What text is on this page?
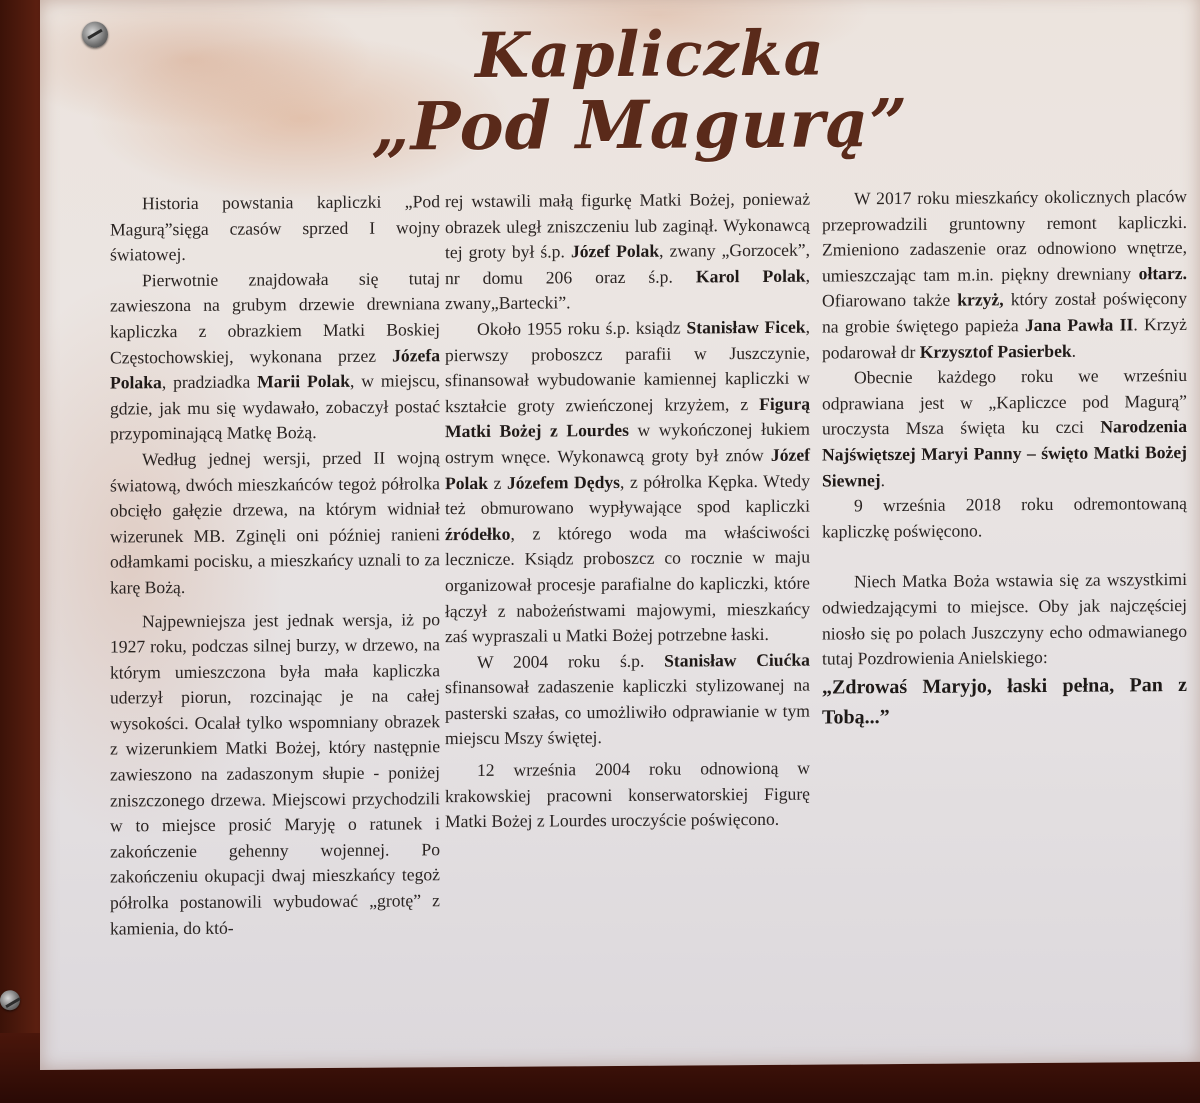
Kapliczka
„Pod Magurą”

Historia powstania kapliczki „Pod Magurą”sięga czasów sprzed I wojny światowej.

Pierwotnie znajdowała się tutaj zawieszona na grubym drzewie drewniana kapliczka z obrazkiem Matki Boskiej Częstochowskiej, wykonana przez Józefa Polaka, pradziadka Marii Polak, w miejscu, gdzie, jak mu się wydawało, zobaczył postać przypominającą Matkę Bożą.

Według jednej wersji, przed II wojną światową, dwóch mieszkańców tegoż półrolka obcięło gałęzie drzewa, na którym widniał wizerunek MB. Zginęli oni później ranieni odłamkami pocisku, a mieszkańcy uznali to za karę Bożą.

Najpewniejsza jest jednak wersja, iż po 1927 roku, podczas silnej burzy, w drzewo, na którym umieszczona była mała kapliczka uderzył piorun, rozcinając je na całej wysokości. Ocalał tylko wspomniany obrazek z wizerunkiem Matki Bożej, który następnie zawieszono na zadaszonym słupie - poniżej zniszczonego drzewa. Miejscowi przychodzili w to miejsce prosić Maryję o ratunek i zakończenie gehenny wojennej. Po zakończeniu okupacji dwaj mieszkańcy tegoż półrolka postanowili wybudować „grotę” z kamienia, do któ-

rej wstawili małą figurkę Matki Bożej, ponieważ obrazek uległ zniszczeniu lub zaginął. Wykonawcą tej groty był ś.p. Józef Polak, zwany „Gorzocek”, nr domu 206 oraz ś.p. Karol Polak, zwany„Bartecki”.

Około 1955 roku ś.p. ksiądz Stanisław Ficek, pierwszy proboszcz parafii w Juszczynie, sfinansował wybudowanie kamiennej kapliczki w kształcie groty zwieńczonej krzyżem, z Figurą Matki Bożej z Lourdes w wykończonej łukiem ostrym wnęce. Wykonawcą groty był znów Józef Polak z Józefem Dędys, z półrolka Kępka. Wtedy też obmurowano wypływające spod kapliczki źródełko, z którego woda ma właściwości lecznicze. Ksiądz proboszcz co rocznie w maju organizował procesje parafialne do kapliczki, które łączył z nabożeństwami majowymi, mieszkańcy zaś wypraszali u Matki Bożej potrzebne łaski.

W 2004 roku ś.p. Stanisław Ciućka sfinansował zadaszenie kapliczki stylizowanej na pasterski szałas, co umożliwiło odprawianie w tym miejscu Mszy świętej.

12 września 2004 roku odnowioną w krakowskiej pracowni konserwatorskiej Figurę Matki Bożej z Lourdes uroczyście poświęcono.

W 2017 roku mieszkańcy okolicznych placów przeprowadzili gruntowny remont kapliczki. Zmieniono zadaszenie oraz odnowiono wnętrze, umieszczając tam m.in. piękny drewniany ołtarz. Ofiarowano także krzyż, który został poświęcony na grobie świętego papieża Jana Pawła II. Krzyż podarował dr Krzysztof Pasierbek.

Obecnie każdego roku we wrześniu odprawiana jest w „Kapliczce pod Magurą” uroczysta Msza święta ku czci Narodzenia Najświętszej Maryi Panny – święto Matki Bożej Siewnej.

9 września 2018 roku odremontowaną kapliczkę poświęcono.

Niech Matka Boża wstawia się za wszystkimi odwiedzającymi to miejsce. Oby jak najczęściej niosło się po polach Juszczyny echo odmawianego tutaj Pozdrowienia Anielskiego:

„Zdrowaś Maryjo, łaski pełna, Pan z Tobą...”
